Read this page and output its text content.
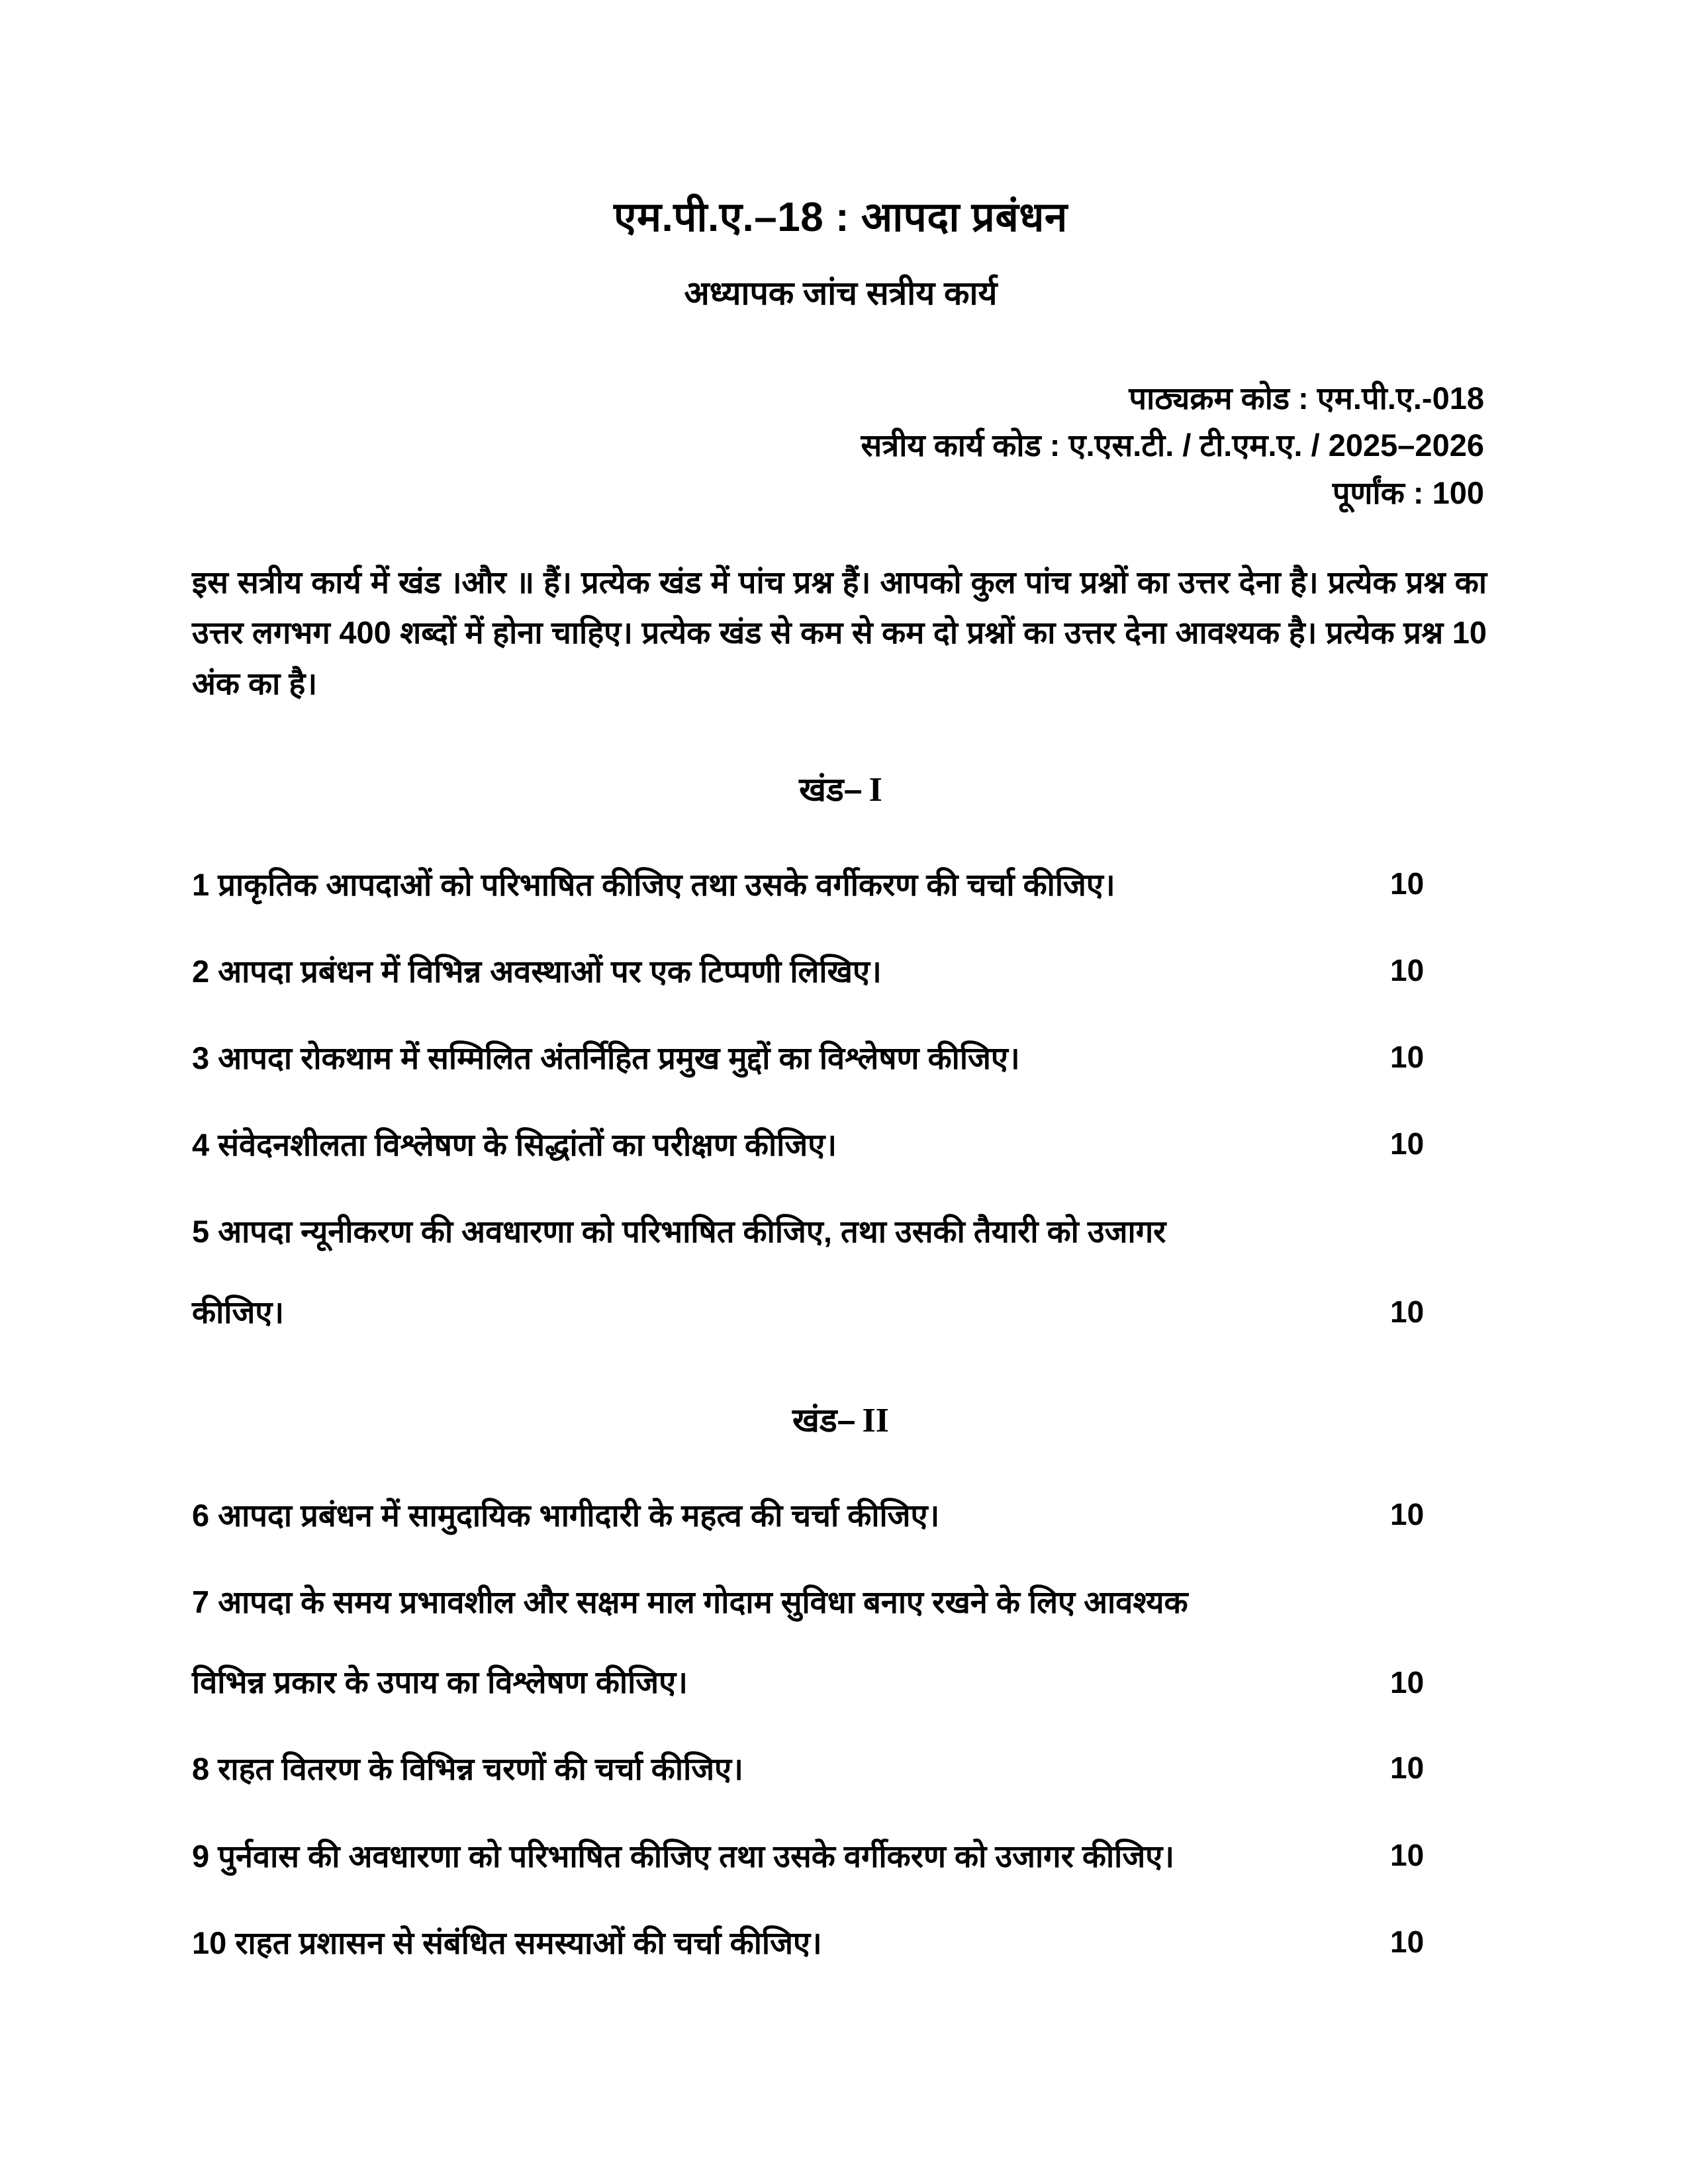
एम.पी.ए.–18 : आपदा प्रबंधन
अध्यापक जांच सत्रीय कार्य
पाठ्यक्रम कोड : एम.पी.ए.-018
सत्रीय कार्य कोड : ए.एस.टी. / टी.एम.ए. / 2025–2026
पूर्णांक : 100

इस सत्रीय कार्य में खंड ।और ॥ हैं। प्रत्येक खंड में पांच प्रश्न हैं। आपको कुल पांच प्रश्नों का उत्तर देना है। प्रत्येक प्रश्न का उत्तर लगभग 400 शब्दों में होना चाहिए। प्रत्येक खंड से कम से कम दो प्रश्नों का उत्तर देना आवश्यक है। प्रत्येक प्रश्न 10 अंक का है।

खंड– I
1 प्राकृतिक आपदाओं को परिभाषित कीजिए तथा उसके वर्गीकरण की चर्चा कीजिए।	10
2 आपदा प्रबंधन में विभिन्न अवस्थाओं पर एक टिप्पणी लिखिए।	10
3 आपदा रोकथाम में सम्मिलित अंतर्निहित प्रमुख मुद्दों का विश्लेषण कीजिए।	10
4 संवेदनशीलता विश्लेषण के सिद्धांतों का परीक्षण कीजिए।	10
5 आपदा न्यूनीकरण की अवधारणा को परिभाषित कीजिए, तथा उसकी तैयारी को उजागर
कीजिए।	10
खंड– II
6 आपदा प्रबंधन में सामुदायिक भागीदारी के महत्व की चर्चा कीजिए।	10
7 आपदा के समय प्रभावशील और सक्षम माल गोदाम सुविधा बनाए रखने के लिए आवश्यक
विभिन्न प्रकार के उपाय का विश्लेषण कीजिए।	10
8 राहत वितरण के विभिन्न चरणों की चर्चा कीजिए।	10
9 पुर्नवास की अवधारणा को परिभाषित कीजिए तथा उसके वर्गीकरण को उजागर कीजिए।	10
10 राहत प्रशासन से संबंधित समस्याओं की चर्चा कीजिए।	10
